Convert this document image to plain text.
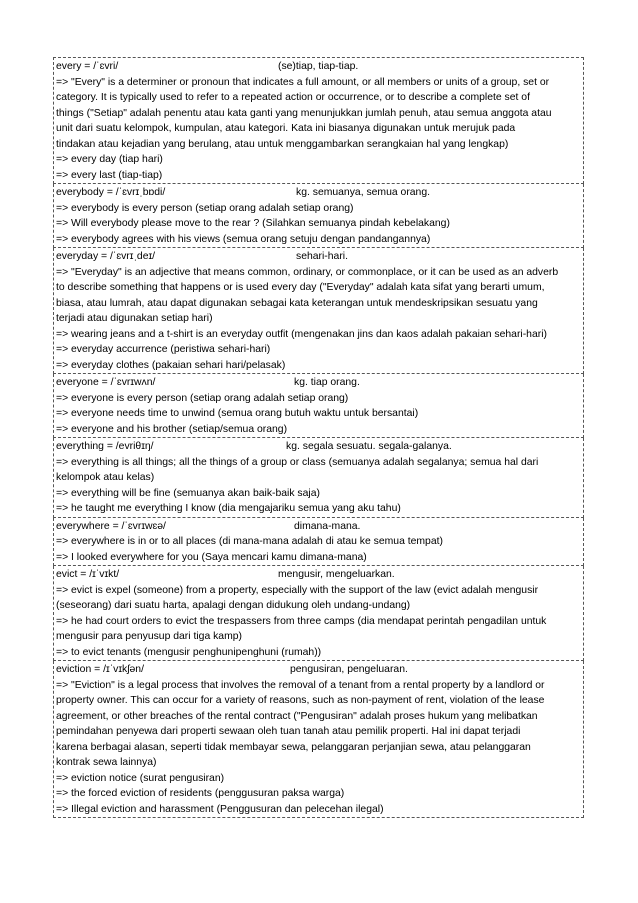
every = /ˈɛvri/	(se)tiap, tiap-tiap.
=> "Every" is a determiner or pronoun that indicates a full amount, or all members or units of a group, set or
category. It is typically used to refer to a repeated action or occurrence, or to describe a complete set of
things ("Setiap" adalah penentu atau kata ganti yang menunjukkan jumlah penuh, atau semua anggota atau
unit dari suatu kelompok, kumpulan, atau kategori. Kata ini biasanya digunakan untuk merujuk pada
tindakan atau kejadian yang berulang, atau untuk menggambarkan serangkaian hal yang lengkap)
=> every day (tiap hari)
=> every last (tiap-tiap)
everybody = /ˈɛvrɪˌbɒdi/	kg. semuanya, semua orang.
=> everybody is every person (setiap orang adalah setiap orang)
=> Will everybody please move to the rear ? (Silahkan semuanya pindah kebelakang)
=> everybody agrees with his views (semua orang setuju dengan pandangannya)
everyday = /ˈɛvrɪˌdeɪ/	sehari-hari.
=> "Everyday" is an adjective that means common, ordinary, or commonplace, or it can be used as an adverb
to describe something that happens or is used every day ("Everyday" adalah kata sifat yang berarti umum,
biasa, atau lumrah, atau dapat digunakan sebagai kata keterangan untuk mendeskripsikan sesuatu yang
terjadi atau digunakan setiap hari)
=> wearing jeans and a t-shirt is an everyday outfit (mengenakan jins dan kaos adalah pakaian sehari-hari)
=> everyday accurrence (peristiwa sehari-hari)
=> everyday clothes (pakaian sehari hari/pelasak)
everyone = /ˈɛvrɪwʌn/	kg. tiap orang.
=> everyone is every person (setiap orang adalah setiap orang)
=> everyone needs time to unwind (semua orang butuh waktu untuk bersantai)
=> everyone and his brother (setiap/semua orang)
everything = /evriθɪŋ/	kg. segala sesuatu. segala-galanya.
=> everything is all things; all the things of a group or class (semuanya adalah segalanya; semua hal dari
kelompok atau kelas)
=> everything will be fine (semuanya akan baik-baik saja)
=> he taught me everything I know (dia mengajariku semua yang aku tahu)
everywhere = /ˈɛvrɪwɛə/	dimana-mana.
=> everywhere is in or to all places (di mana-mana adalah di atau ke semua tempat)
=> I looked everywhere for you (Saya mencari kamu dimana-mana)
evict = /ɪˈvɪkt/	mengusir, mengeluarkan.
=> evict is expel (someone) from a property, especially with the support of the law (evict adalah mengusir
(seseorang) dari suatu harta, apalagi dengan didukung oleh undang-undang)
=> he had court orders to evict the trespassers from three camps (dia mendapat perintah pengadilan untuk
mengusir para penyusup dari tiga kamp)
=> to evict tenants (mengusir penghunipenghuni (rumah))
eviction = /ɪˈvɪkʃən/	pengusiran, pengeluaran.
=> "Eviction" is a legal process that involves the removal of a tenant from a rental property by a landlord or
property owner. This can occur for a variety of reasons, such as non-payment of rent, violation of the lease
agreement, or other breaches of the rental contract ("Pengusiran" adalah proses hukum yang melibatkan
pemindahan penyewa dari properti sewaan oleh tuan tanah atau pemilik properti. Hal ini dapat terjadi
karena berbagai alasan, seperti tidak membayar sewa, pelanggaran perjanjian sewa, atau pelanggaran
kontrak sewa lainnya)
=> eviction notice (surat pengusiran)
=> the forced eviction of residents (penggusuran paksa warga)
=> Illegal eviction and harassment (Penggusuran dan pelecehan ilegal)
